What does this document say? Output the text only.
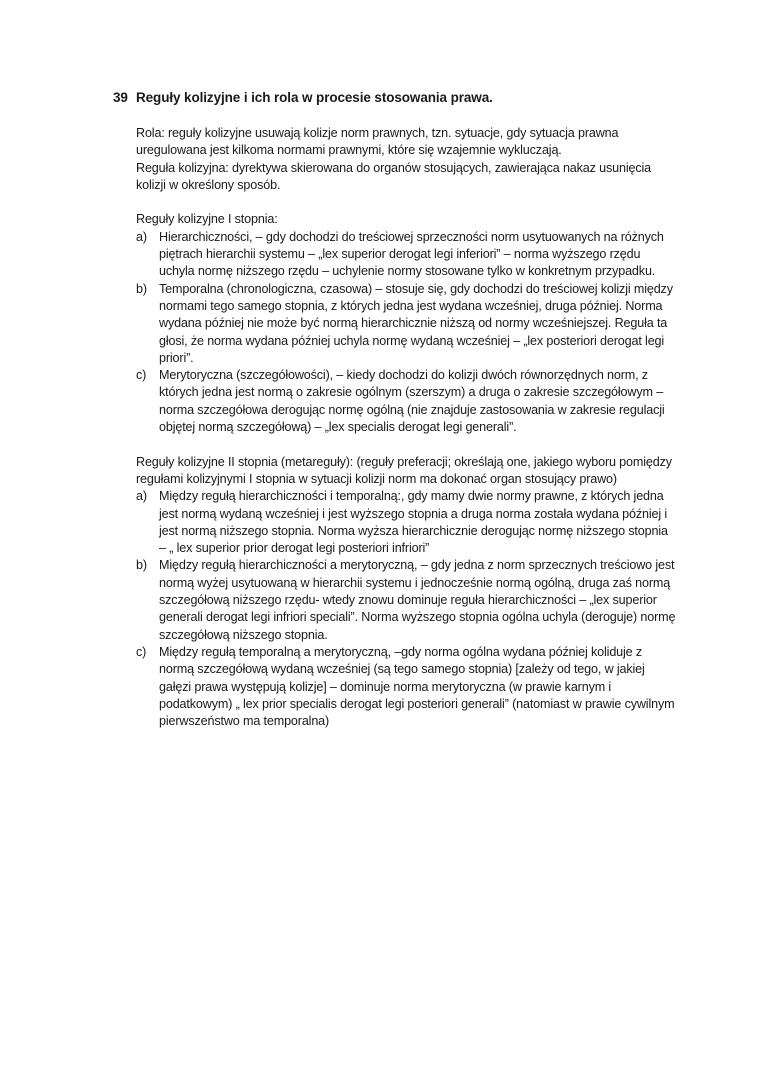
39 Reguły kolizyjne i ich rola w procesie stosowania prawa.

Rola: reguły kolizyjne usuwają kolizje norm prawnych, tzn. sytuacje, gdy sytuacja prawna uregulowana jest kilkoma normami prawnymi, które się wzajemnie wykluczają.

Reguła kolizyjna: dyrektywa skierowana do organów stosujących, zawierająca nakaz usunięcia kolizji w określony sposób.

Reguły kolizyjne I stopnia:

a) Hierarchiczności, – gdy dochodzi do treściowej sprzeczności norm usytuowanych na różnych piętrach hierarchii systemu – „lex superior derogat legi inferiori” – norma wyższego rzędu uchyla normę niższego rzędu – uchylenie normy stosowane tylko w konkretnym przypadku.

b) Temporalna (chronologiczna, czasowa) – stosuje się, gdy dochodzi do treściowej kolizji między normami tego samego stopnia, z których jedna jest wydana wcześniej, druga później. Norma wydana później nie może być normą hierarchicznie niższą od normy wcześniejszej. Reguła ta głosi, że norma wydana później uchyla normę wydaną wcześniej – „lex posteriori derogat legi priori”.

c) Merytoryczna (szczegółowości), – kiedy dochodzi do kolizji dwóch równorzędnych norm, z których jedna jest normą o zakresie ogólnym (szerszym) a druga o zakresie szczegółowym – norma szczegółowa derogując normę ogólną (nie znajduje zastosowania w zakresie regulacji objętej normą szczegółową) – „lex specialis derogat legi generali”.

Reguły kolizyjne II stopnia (metareguły): (reguły preferacji; określają one, jakiego wyboru pomiędzy regułami kolizyjnymi I stopnia w sytuacji kolizji norm ma dokonać organ stosujący prawo)

a) Między regułą hierarchiczności i temporalną:, gdy mamy dwie normy prawne, z których jedna jest normą wydaną wcześniej i jest wyższego stopnia a druga norma została wydana później i jest normą niższego stopnia. Norma wyższa hierarchicznie derogując normę niższego stopnia – „ lex superior prior derogat legi posteriori infriori”

b) Między regułą hierarchiczności a merytoryczną, – gdy jedna z norm sprzecznych treściowo jest normą wyżej usytuowaną w hierarchii systemu i jednocześnie normą ogólną, druga zaś normą szczegółową niższego rzędu- wtedy znowu dominuje reguła hierarchiczności – „lex superior generali derogat legi infriori speciali”. Norma wyższego stopnia ogólna uchyla (deroguje) normę szczegółową niższego stopnia.

c) Między regułą temporalną a merytoryczną, –gdy norma ogólna wydana później koliduje z normą szczegółową wydaną wcześniej (są tego samego stopnia) [zależy od tego, w jakiej gałęzi prawa występują kolizje] – dominuje norma merytoryczna (w prawie karnym i podatkowym) „ lex prior specialis derogat legi posteriori generali” (natomiast w prawie cywilnym pierwszeństwo ma temporalna)
